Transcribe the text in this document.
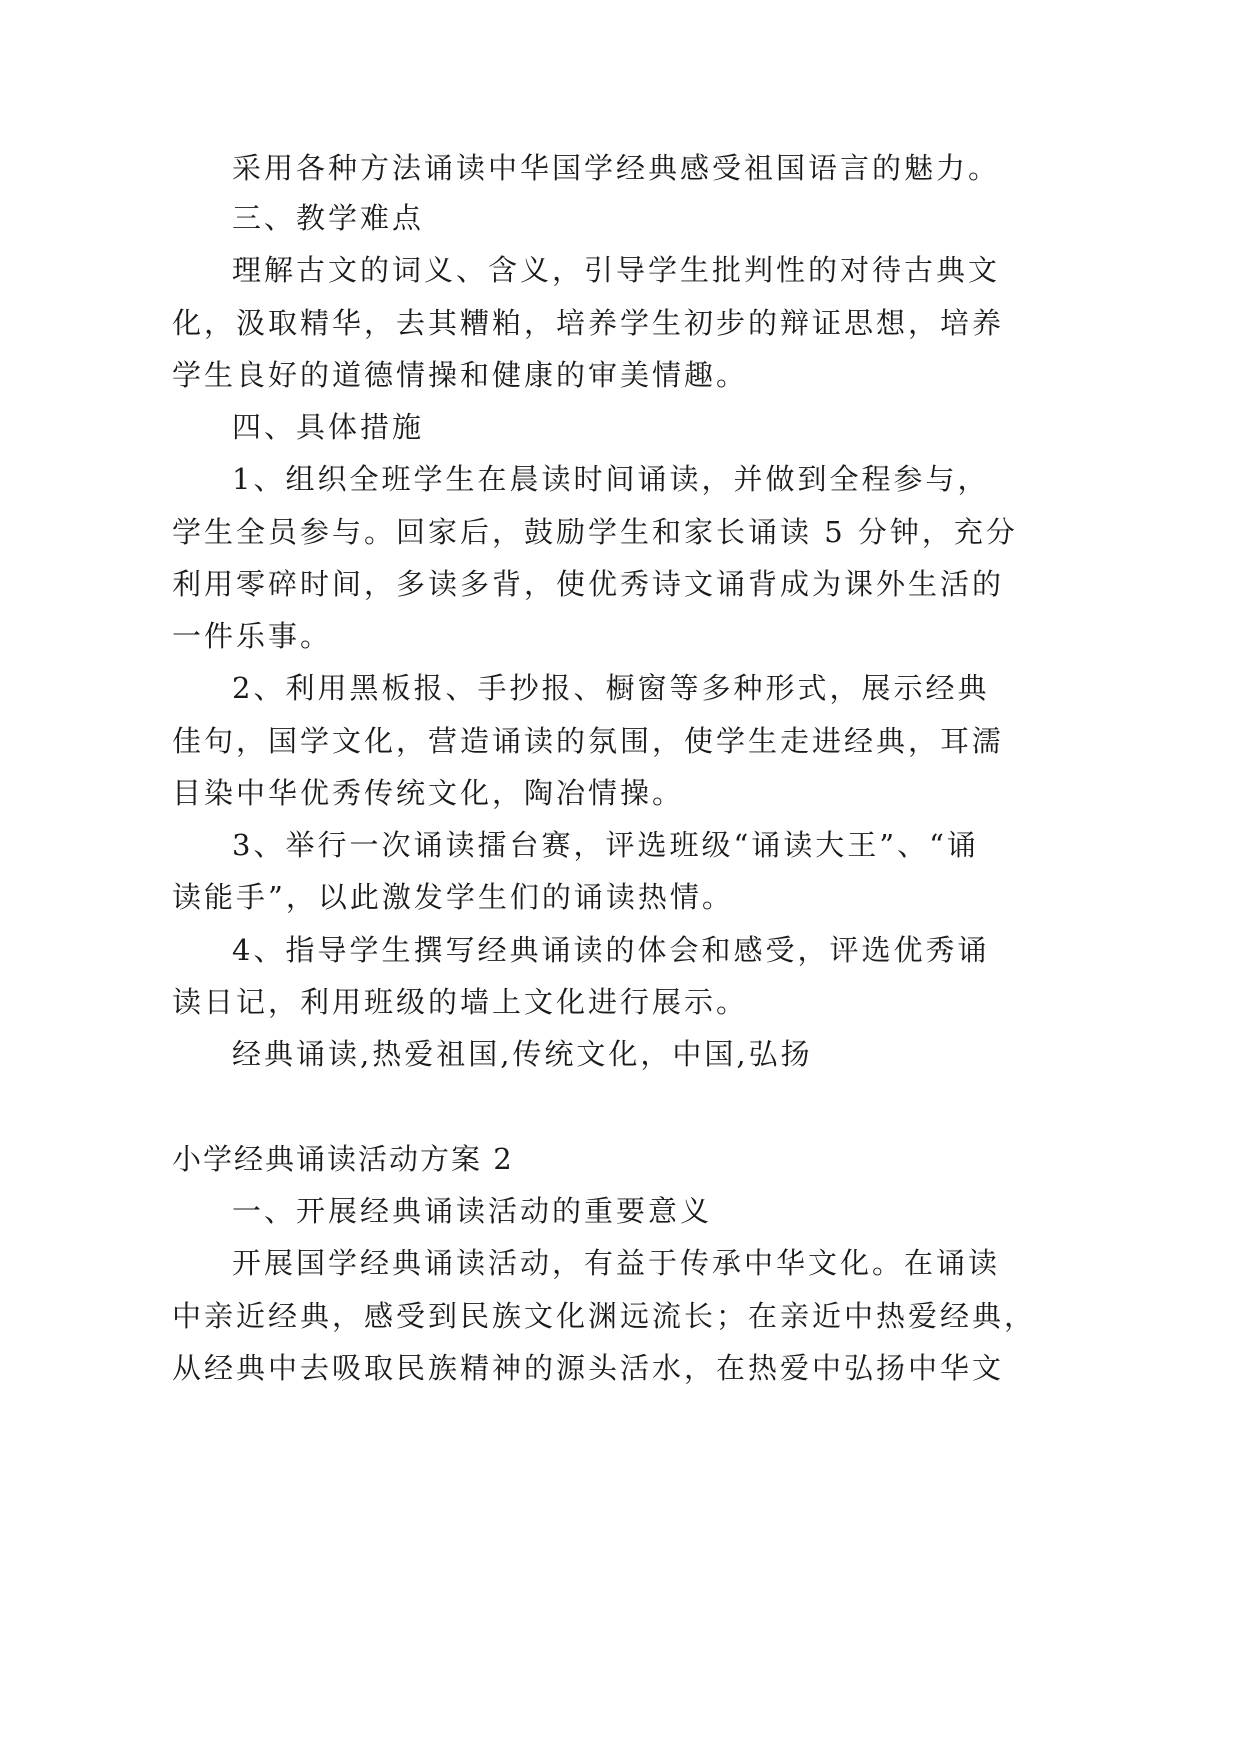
采用各种方法诵读中华国学经典感受祖国语言的魅力。
三、教学难点
理解古文的词义、含义，引导学生批判性的对待古典文
化，汲取精华，去其糟粕，培养学生初步的辩证思想，培养
学生良好的道德情操和健康的审美情趣。
四、具体措施
1、组织全班学生在晨读时间诵读，并做到全程参与，
学生全员参与。回家后，鼓励学生和家长诵读 5 分钟，充分
利用零碎时间，多读多背，使优秀诗文诵背成为课外生活的
一件乐事。
2、利用黑板报、手抄报、橱窗等多种形式，展示经典
佳句，国学文化，营造诵读的氛围，使学生走进经典，耳濡
目染中华优秀传统文化，陶冶情操。
3、举行一次诵读擂台赛，评选班级“诵读大王”、“诵
读能手”，以此激发学生们的诵读热情。
4、指导学生撰写经典诵读的体会和感受，评选优秀诵
读日记，利用班级的墙上文化进行展示。
经典诵读,热爱祖国,传统文化，中国,弘扬
小学经典诵读活动方案 2
一、开展经典诵读活动的重要意义
开展国学经典诵读活动，有益于传承中华文化。在诵读
中亲近经典，感受到民族文化渊远流长；在亲近中热爱经典，
从经典中去吸取民族精神的源头活水，在热爱中弘扬中华文
